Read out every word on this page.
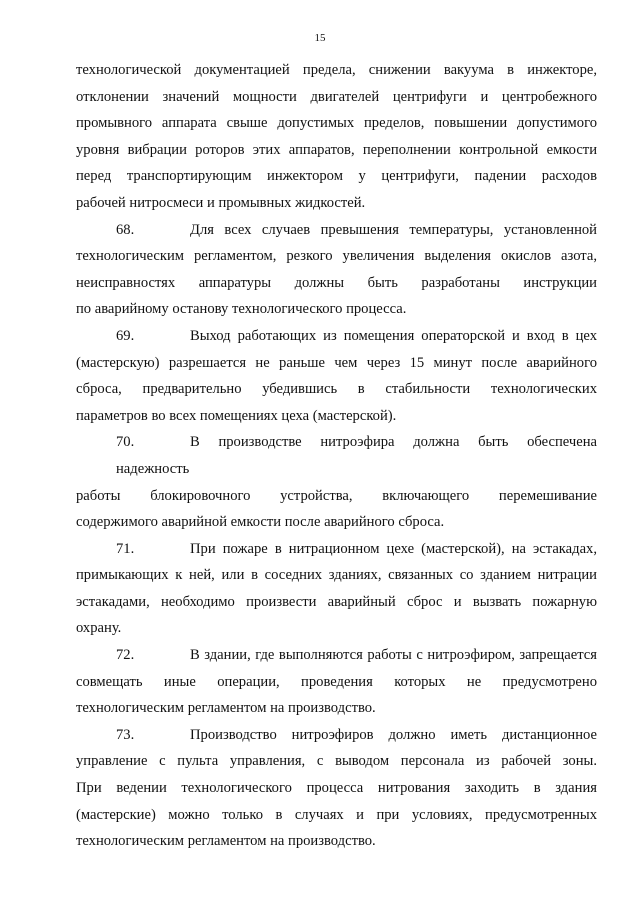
15

технологической документацией предела, снижении вакуума в инжекторе,

отклонении значений мощности двигателей центрифуги и центробежного

промывного аппарата свыше допустимых пределов, повышении допустимого

уровня вибрации роторов этих аппаратов, переполнении контрольной емкости

перед транспортирующим инжектором у центрифуги, падении расходов

рабочей нитросмеси и промывных жидкостей.

68.	Для всех случаев превышения температуры, установленной

технологическим регламентом, резкого увеличения выделения окислов азота,

неисправностях аппаратуры должны быть разработаны инструкции

по аварийному останову технологического процесса.

69.	Выход работающих из помещения операторской и вход в цех

(мастерскую) разрешается не раньше чем через 15 минут после аварийного

сброса, предварительно убедившись в стабильности технологических

параметров во всех помещениях цеха (мастерской).

70.	В производстве нитроэфира должна быть обеспечена надежность

работы блокировочного устройства, включающего перемешивание

содержимого аварийной емкости после аварийного сброса.

71.	При пожаре в нитрационном цехе (мастерской), на эстакадах,

примыкающих к ней, или в соседних зданиях, связанных со зданием нитрации

эстакадами, необходимо произвести аварийный сброс и вызвать пожарную

охрану.

72.	В здании, где выполняются работы с нитроэфиром, запрещается

совмещать иные операции, проведения которых не предусмотрено

технологическим регламентом на производство.

73.	Производство нитроэфиров должно иметь дистанционное

управление с пульта управления, с выводом персонала из рабочей зоны.

При ведении технологического процесса нитрования заходить в здания

(мастерские) можно только в случаях и при условиях, предусмотренных

технологическим регламентом на производство.
